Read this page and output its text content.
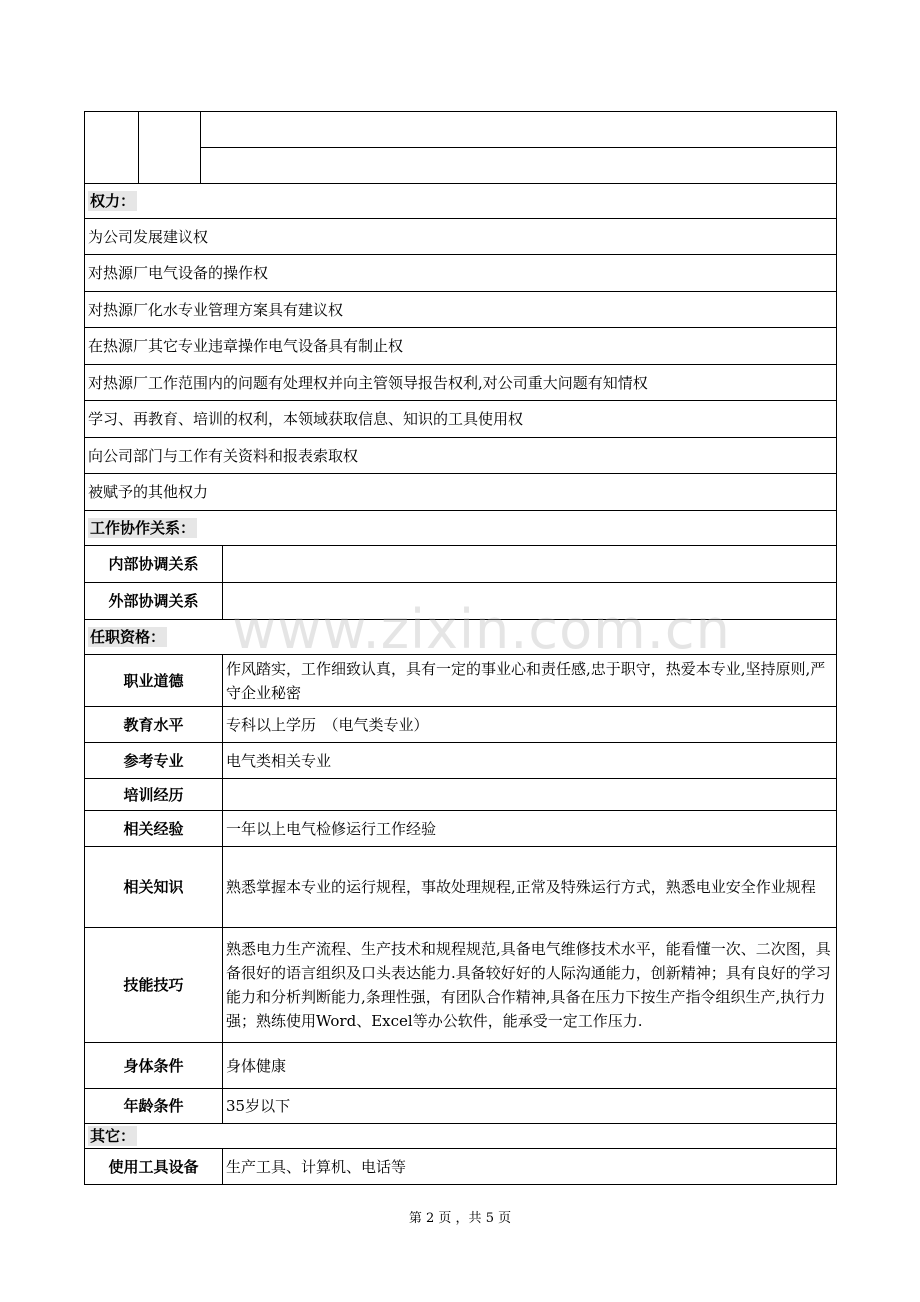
权力：			
为公司发展建议权			
对热源厂电气设备的操作权			
对热源厂化水专业管理方案具有建议权			
在热源厂其它专业违章操作电气设备具有制止权			
对热源厂工作范围内的问题有处理权并向主管领导报告权利,对公司重大问题有知情权			
学习、再教育、培训的权利，本领域获取信息、知识的工具使用权			
向公司部门与工作有关资料和报表索取权			
被赋予的其他权力			
工作协作关系：			
内部协调关系			
外部协调关系			
任职资格：			
职业道德			作风踏实，工作细致认真，具有一定的事业心和责任感,忠于职守，热爱本专业,坚持原则,严守企业秘密
教育水平			专科以上学历　（电气类专业）
参考专业			电气类相关专业
培训经历			
相关经验			一年以上电气检修运行工作经验
相关知识			熟悉掌握本专业的运行规程，事故处理规程,正常及特殊运行方式，熟悉电业安全作业规程
技能技巧			熟悉电力生产流程、生产技术和规程规范,具备电气维修技术水平，能看懂一次、二次图，具备很好的语言组织及口头表达能力.具备较好好的人际沟通能力，创新精神；具有良好的学习能力和分析判断能力,条理性强，有团队合作精神,具备在压力下按生产指令组织生产,执行力强；熟练使用Word、Excel等办公软件，能承受一定工作压力.
身体条件			身体健康
年龄条件			35岁以下
其它：			
使用工具设备			生产工具、计算机、电话等
www.zixin.com.cn
第 2 页 ，共 5 页
